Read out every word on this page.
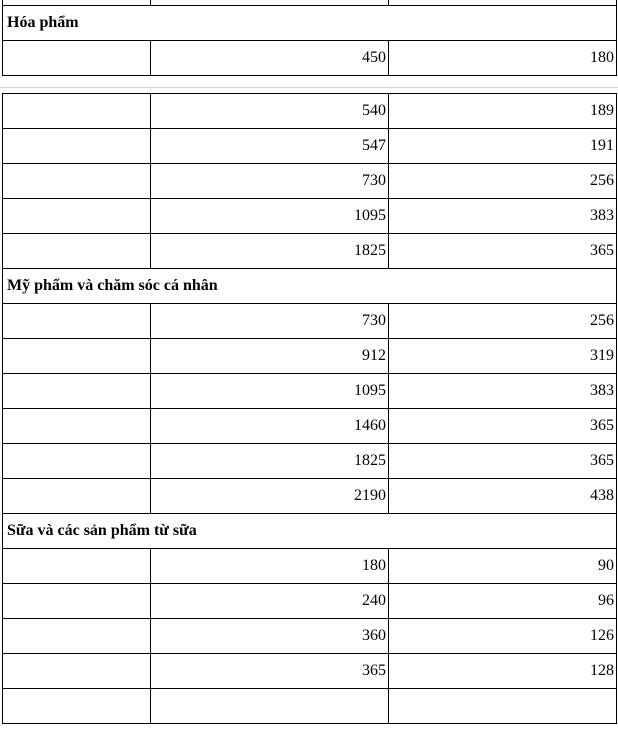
Hóa phẩm		
	450	180
	540	189
	547	191
	730	256
	1095	383
	1825	365
Mỹ phẩm và chăm sóc cá nhân		
	730	256
	912	319
	1095	383
	1460	365
	1825	365
	2190	438
Sữa và các sản phẩm từ sữa		
	180	90
	240	96
	360	126
	365	128
